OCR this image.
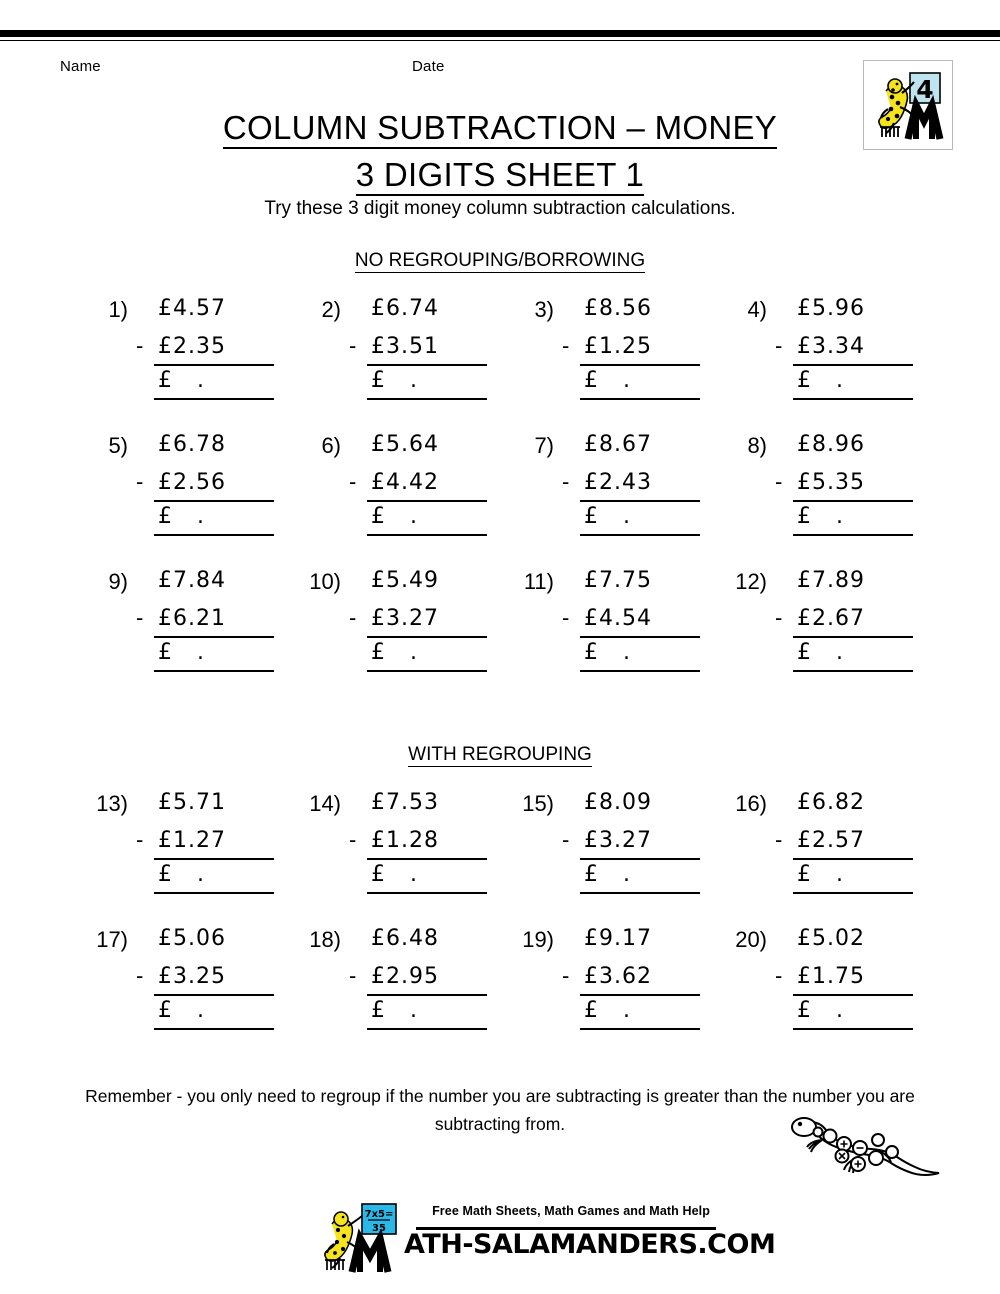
Name	Date
4
COLUMN SUBTRACTION – MONEY
3 DIGITS SHEET 1
Try these 3 digit money column subtraction calculations.
NO REGROUPING/BORROWING
1)	£4.57
- £2.35
£   .
2)	£6.74
- £3.51
£   .
3)	£8.56
- £1.25
£   .
4)	£5.96
- £3.34
£   .
5)	£6.78
- £2.56
£   .
6)	£5.64
- £4.42
£   .
7)	£8.67
- £2.43
£   .
8)	£8.96
- £5.35
£   .
9)	£7.84
- £6.21
£   .
10)	£5.49
- £3.27
£   .
11)	£7.75
- £4.54
£   .
12)	£7.89
- £2.67
£   .
WITH REGROUPING
13)	£5.71
- £1.27
£   .
14)	£7.53
- £1.28
£   .
15)	£8.09
- £3.27
£   .
16)	£6.82
- £2.57
£   .
17)	£5.06
- £3.25
£   .
18)	£6.48
- £2.95
£   .
19)	£9.17
- £3.62
£   .
20)	£5.02
- £1.75
£   .
Remember - you only need to regroup if the number you are subtracting is greater than the number you are subtracting from.
7x5=
35
Free Math Sheets, Math Games and Math Help
ATH-SALAMANDERS.COM
